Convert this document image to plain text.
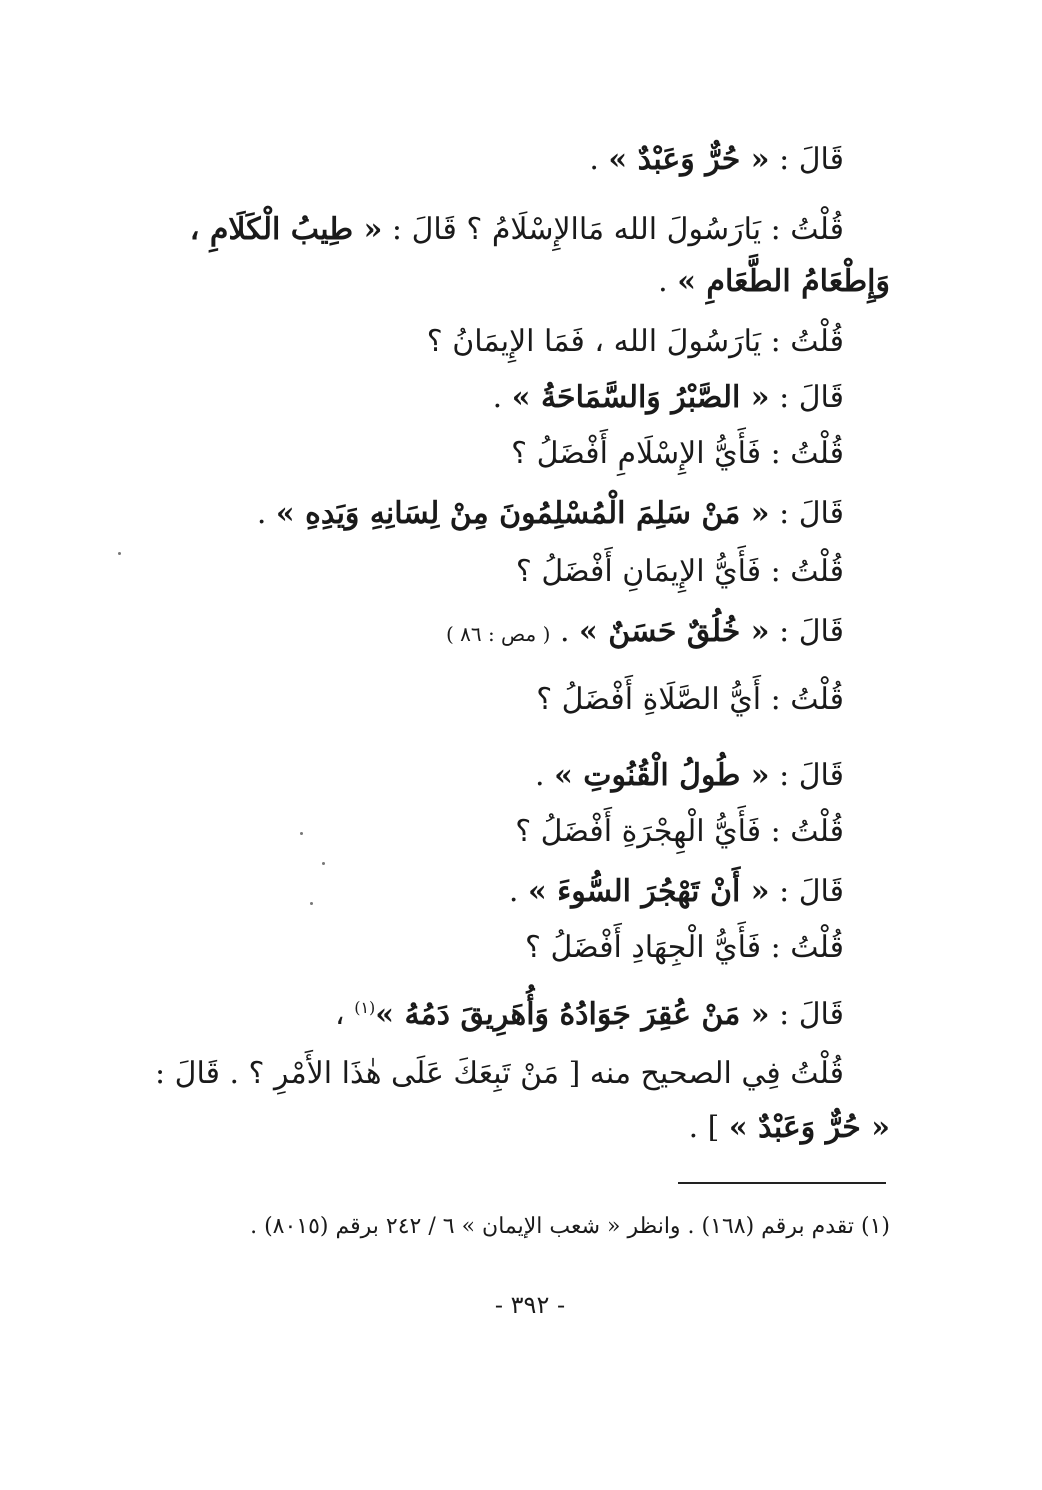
قَالَ : « حُرٌّ وَعَبْدٌ » .
قُلْتُ : يَارَسُولَ الله مَاالإِسْلَامُ ؟ قَالَ : « طِيبُ الْكَلَامِ ،
وَإِطْعَامُ الطَّعَامِ » .
قُلْتُ : يَارَسُولَ الله ، فَمَا الإِيمَانُ ؟
قَالَ : « الصَّبْرُ وَالسَّمَاحَةُ » .
قُلْتُ : فَأَيُّ الإِسْلَامِ أَفْضَلُ ؟
قَالَ : « مَنْ سَلِمَ الْمُسْلِمُونَ مِنْ لِسَانِهِ وَيَدِهِ » .
قُلْتُ : فَأَيُّ الإِيمَانِ أَفْضَلُ ؟
قَالَ : « خُلُقٌ حَسَنٌ » . ( مص : ٨٦ )
قُلْتُ : أَيُّ الصَّلَاةِ أَفْضَلُ ؟
قَالَ : « طُولُ الْقُنُوتِ » .
قُلْتُ : فَأَيُّ الْهِجْرَةِ أَفْضَلُ ؟
قَالَ : « أَنْ تَهْجُرَ السُّوءَ » .
قُلْتُ : فَأَيُّ الْجِهَادِ أَفْضَلُ ؟
قَالَ : « مَنْ عُقِرَ جَوَادُهُ وَأُهَرِيقَ دَمُهُ »$^{(١)}$ ،
قُلْتُ فِي الصحيح منه [ مَنْ تَبِعَكَ عَلَى هٰذَا الأَمْرِ ؟ . قَالَ :
« حُرٌّ وَعَبْدٌ » ] .
(١) تقدم برقم (١٦٨) . وانظر « شعب الإيمان » ٦ / ٢٤٢ برقم (٨٠١٥) .
- ٣٩٢ -
